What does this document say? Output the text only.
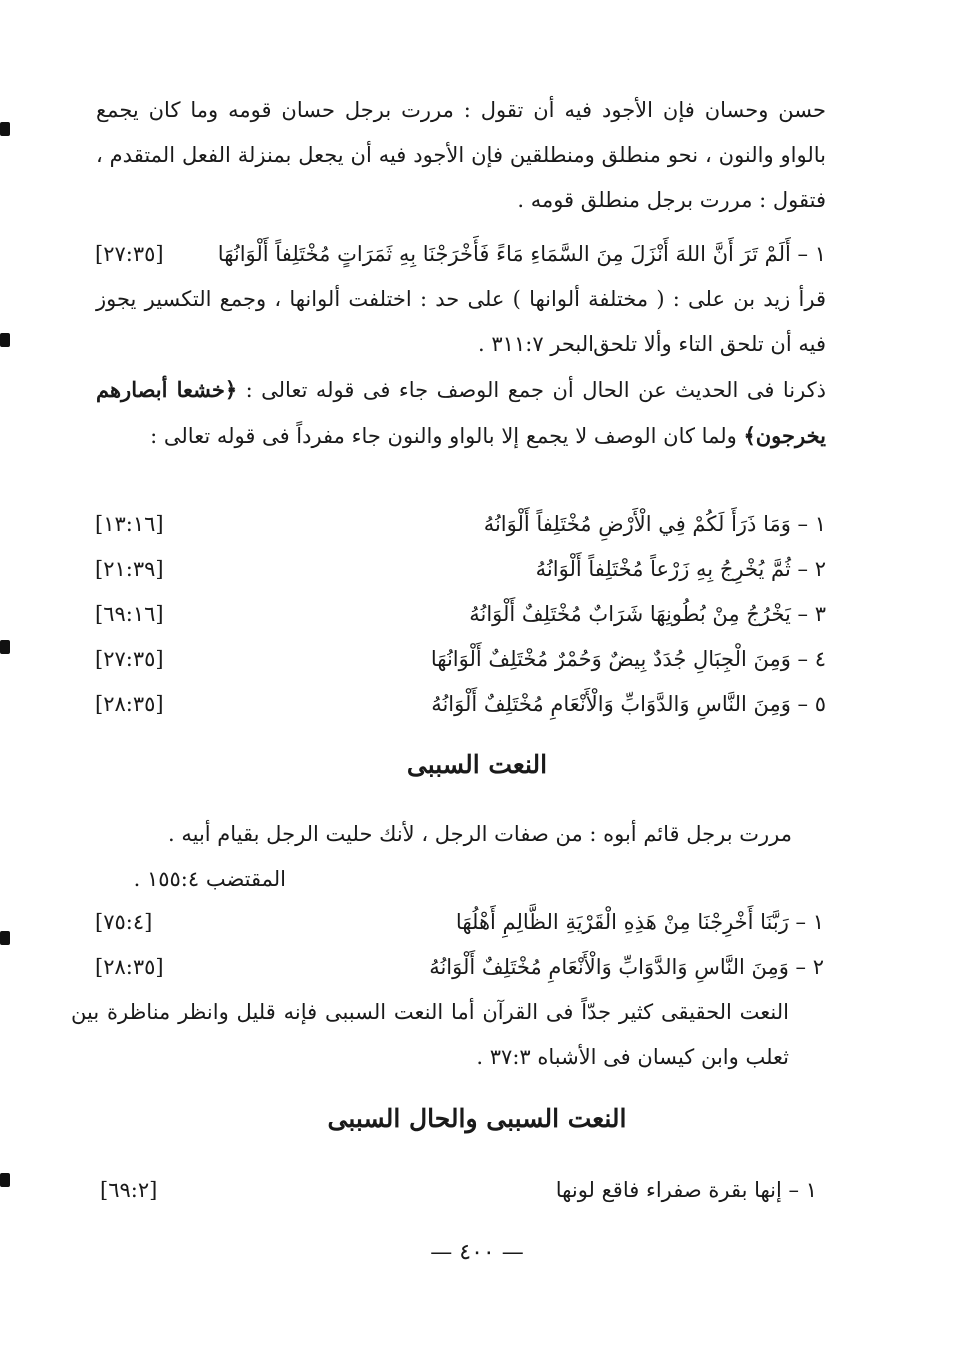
حسن وحسان فإن الأجود فيه أن تقول : مررت برجل حسان قومه وما كان يجمع بالواو والنون ، نحو منطلق ومنطلقين فإن الأجود فيه أن يجعل بمنزلة الفعل المتقدم ، فتقول : مررت برجل منطلق قومه .
١ – أَلَمْ تَرَ أَنَّ اللهَ أَنْزَلَ مِنَ السَّمَاءِ مَاءً فَأَخْرَجْنَا بِهِ ثَمَرَاتٍ مُخْتَلِفاً أَلْوَانُهَا
[٢٧:٣٥]
قرأ زيد بن على : ( مختلفة ألوانها ) على حد : اختلفت ألوانها ، وجمع التكسير يجوز فيه أن تلحق التاء وألا تلحق .
البحر ٣١١:٧ .
ذكرنا فى الحديث عن الحال أن جمع الوصف جاء فى قوله تعالى : ﴿خشعا أبصارهم يخرجون﴾ ولما كان الوصف لا يجمع إلا بالواو والنون جاء مفرداً فى قوله تعالى :
١ – وَمَا ذَرَأَ لَكُمْ فِي الْأَرْضِ مُخْتَلِفاً أَلْوَانُهُ
[١٣:١٦]
٢ – ثُمَّ يُخْرِجُ بِهِ زَرْعاً مُخْتَلِفاً أَلْوَانُهُ
[٢١:٣٩]
٣ – يَخْرُجُ مِنْ بُطُونِهَا شَرَابٌ مُخْتَلِفٌ أَلْوَانُهُ
[٦٩:١٦]
٤ – وَمِنَ الْجِبَالِ جُدَدٌ بِيضٌ وَحُمْرٌ مُخْتَلِفٌ أَلْوَانُهَا
[٢٧:٣٥]
٥ – وَمِنَ النَّاسِ وَالدَّوَابِّ وَالْأَنْعَامِ مُخْتَلِفٌ أَلْوَانُهُ
[٢٨:٣٥]
النعت السببى
مررت برجل قائم أبوه : من صفات الرجل ، لأنك حليت الرجل بقيام أبيه .
المقتضب ١٥٥:٤ .
١ – رَبَّنَا أَخْرِجْنَا مِنْ هَذِهِ الْقَرْيَةِ الظَّالِمِ أَهْلُهَا
[٧٥:٤]
٢ – وَمِنَ النَّاسِ وَالدَّوَابِّ وَالْأَنْعَامِ مُخْتَلِفٌ أَلْوَانُهُ
[٢٨:٣٥]
النعت الحقيقى كثير جدّاً فى القرآن أما النعت السببى فإنه قليل وانظر مناظرة بين ثعلب وابن كيسان فى الأشباه ٣٧:٣ .
النعت السببى والحال السببى
١ – إنها بقرة صفراء فاقع لونها
[٦٩:٢]
— ٤٠٠ —
